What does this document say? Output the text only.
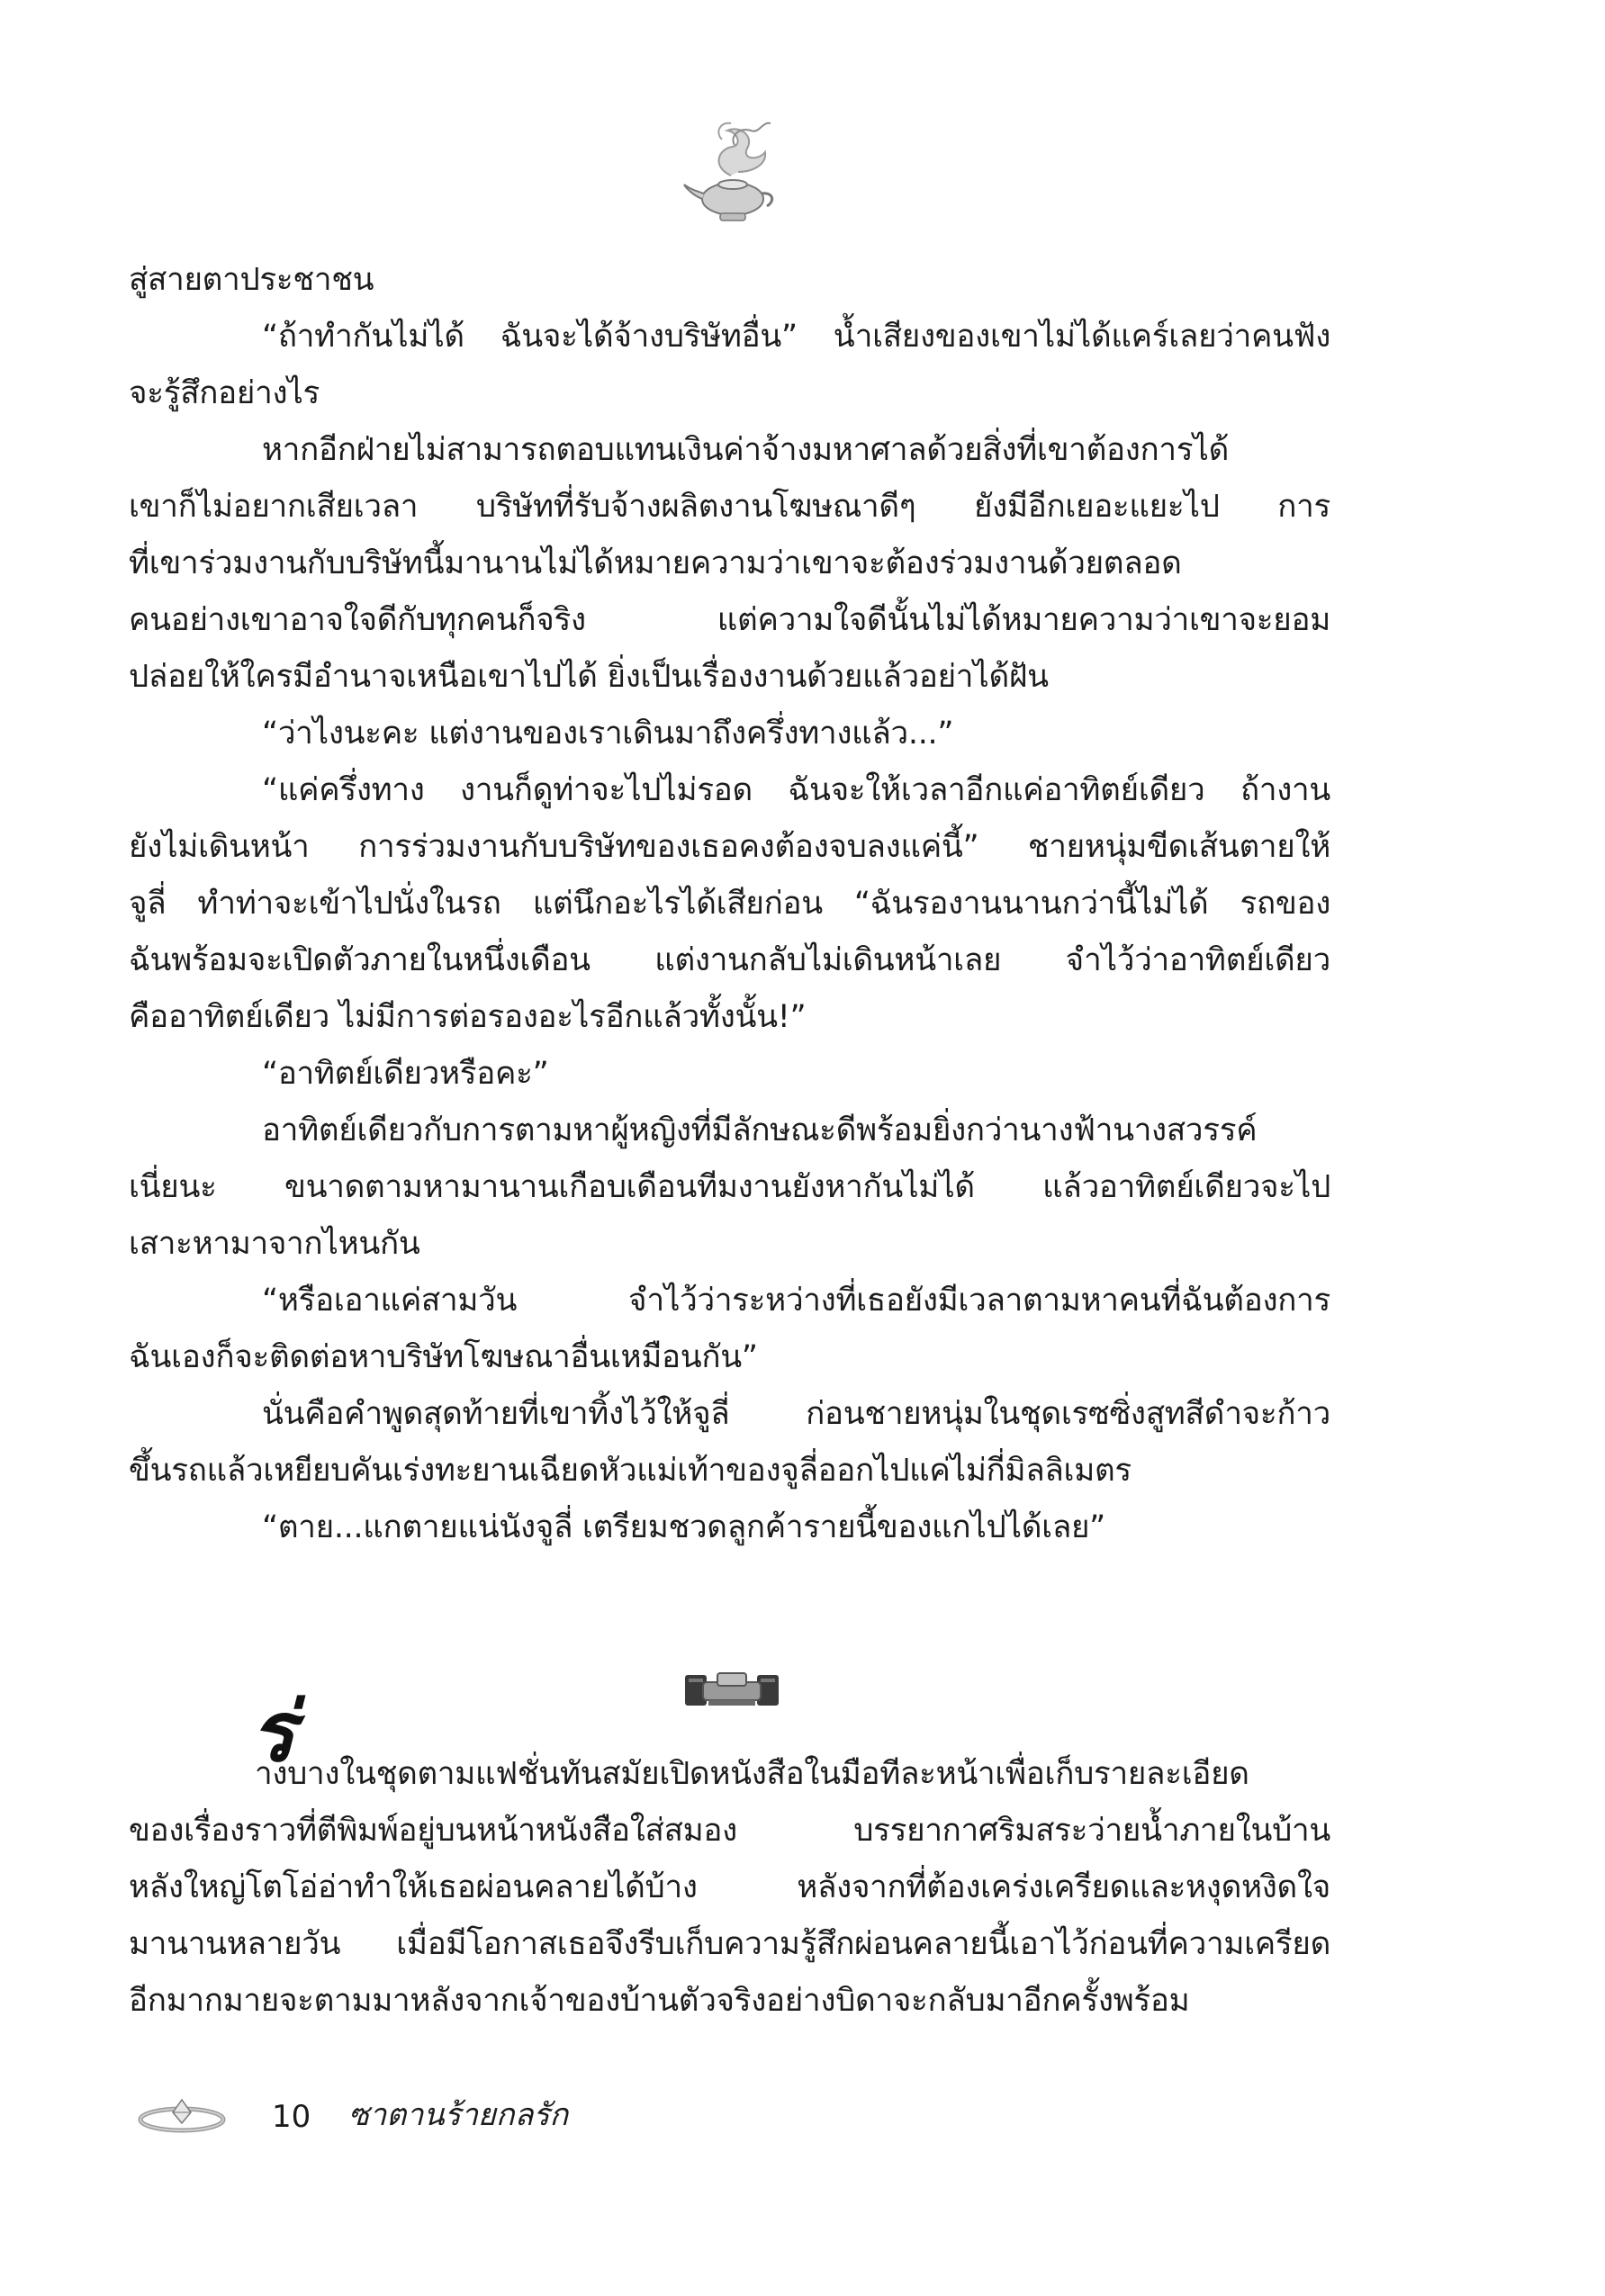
สู่สายตาประชาชน
“ถ้าทำกันไม่ได้ ฉันจะได้จ้างบริษัทอื่น” น้ำเสียงของเขาไม่ได้แคร์เลยว่าคนฟัง
จะรู้สึกอย่างไร
หากอีกฝ่ายไม่สามารถตอบแทนเงินค่าจ้างมหาศาลด้วยสิ่งที่เขาต้องการได้
เขาก็ไม่อยากเสียเวลา บริษัทที่รับจ้างผลิตงานโฆษณาดีๆ ยังมีอีกเยอะแยะไป การ
ที่เขาร่วมงานกับบริษัทนี้มานานไม่ได้หมายความว่าเขาจะต้องร่วมงานด้วยตลอด
คนอย่างเขาอาจใจดีกับทุกคนก็จริง แต่ความใจดีนั้นไม่ได้หมายความว่าเขาจะยอม
ปล่อยให้ใครมีอำนาจเหนือเขาไปได้ ยิ่งเป็นเรื่องงานด้วยแล้วอย่าได้ฝัน
“ว่าไงนะคะ แต่งานของเราเดินมาถึงครึ่งทางแล้ว...”
“แค่ครึ่งทาง งานก็ดูท่าจะไปไม่รอด ฉันจะให้เวลาอีกแค่อาทิตย์เดียว ถ้างาน
ยังไม่เดินหน้า การร่วมงานกับบริษัทของเธอคงต้องจบลงแค่นี้” ชายหนุ่มขีดเส้นตายให้
จูลี่ ทำท่าจะเข้าไปนั่งในรถ แต่นึกอะไรได้เสียก่อน “ฉันรองานนานกว่านี้ไม่ได้ รถของ
ฉันพร้อมจะเปิดตัวภายในหนึ่งเดือน แต่งานกลับไม่เดินหน้าเลย จำไว้ว่าอาทิตย์เดียว
คืออาทิตย์เดียว ไม่มีการต่อรองอะไรอีกแล้วทั้งนั้น!”
“อาทิตย์เดียวหรือคะ”
อาทิตย์เดียวกับการตามหาผู้หญิงที่มีลักษณะดีพร้อมยิ่งกว่านางฟ้านางสวรรค์
เนี่ยนะ ขนาดตามหามานานเกือบเดือนทีมงานยังหากันไม่ได้ แล้วอาทิตย์เดียวจะไป
เสาะหามาจากไหนกัน
“หรือเอาแค่สามวัน จำไว้ว่าระหว่างที่เธอยังมีเวลาตามหาคนที่ฉันต้องการ
ฉันเองก็จะติดต่อหาบริษัทโฆษณาอื่นเหมือนกัน”
นั่นคือคำพูดสุดท้ายที่เขาทิ้งไว้ให้จูลี่ ก่อนชายหนุ่มในชุดเรซซิ่งสูทสีดำจะก้าว
ขึ้นรถแล้วเหยียบคันเร่งทะยานเฉียดหัวแม่เท้าของจูลี่ออกไปแค่ไม่กี่มิลลิเมตร
“ตาย...แกตายแน่นังจูลี่ เตรียมชวดลูกค้ารายนี้ของแกไปได้เลย”
ร่
างบางในชุดตามแฟชั่นทันสมัยเปิดหนังสือในมือทีละหน้าเพื่อเก็บรายละเอียด
ของเรื่องราวที่ตีพิมพ์อยู่บนหน้าหนังสือใส่สมอง บรรยากาศริมสระว่ายน้ำภายในบ้าน
หลังใหญ่โตโอ่อ่าทำให้เธอผ่อนคลายได้บ้าง หลังจากที่ต้องเคร่งเครียดและหงุดหงิดใจ
มานานหลายวัน เมื่อมีโอกาสเธอจึงรีบเก็บความรู้สึกผ่อนคลายนี้เอาไว้ก่อนที่ความเครียด
อีกมากมายจะตามมาหลังจากเจ้าของบ้านตัวจริงอย่างบิดาจะกลับมาอีกครั้งพร้อม
10 ซาตานร้ายกลรัก
